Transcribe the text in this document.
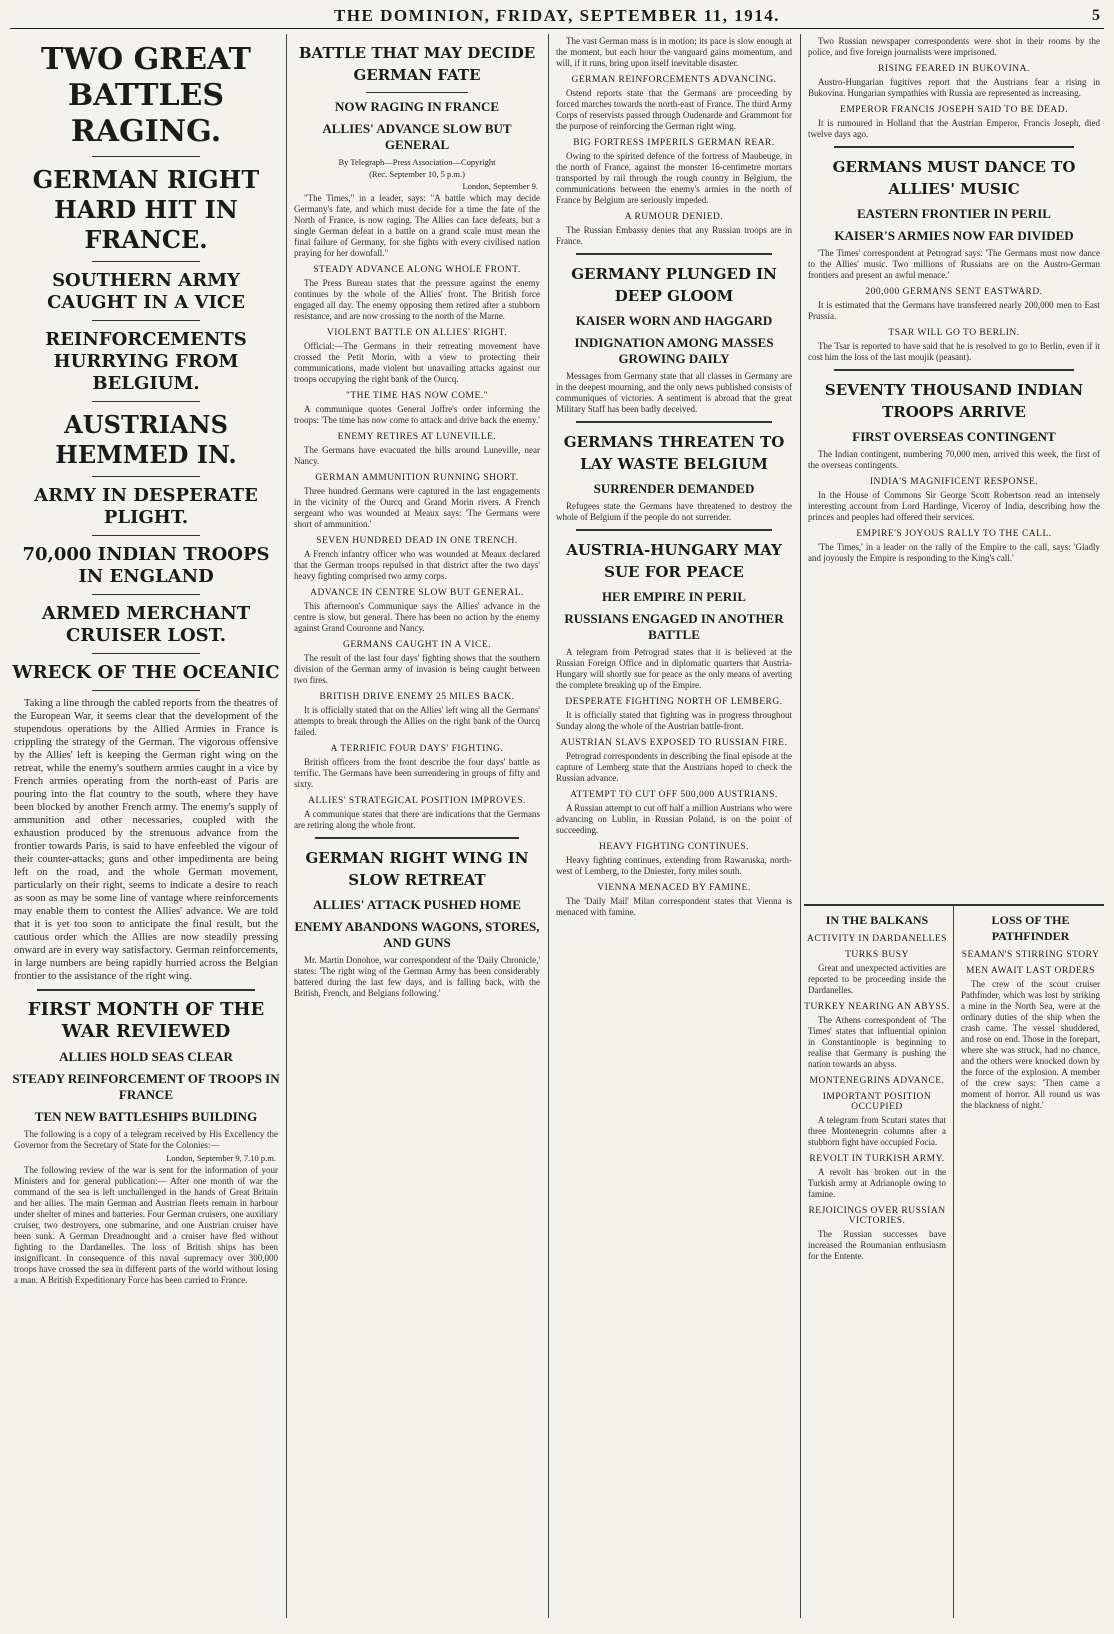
THE DOMINION, FRIDAY, SEPTEMBER 11, 1914.	5
TWO GREAT BATTLES RAGING.
GERMAN RIGHT HARD HIT IN FRANCE.
SOUTHERN ARMY CAUGHT IN A VICE
REINFORCEMENTS HURRYING FROM BELGIUM.
AUSTRIANS HEMMED IN.
ARMY IN DESPERATE PLIGHT.
70,000 INDIAN TROOPS IN ENGLAND
ARMED MERCHANT CRUISER LOST.
WRECK OF THE OCEANIC

Taking a line through the cabled reports from the theatres of the European War, it seems clear that the development of the stupendous operations by the Allied Armies in France is crippling the strategy of the German. The vigorous offensive by the Allies' left is keeping the German right wing on the retreat, while the enemy's southern armies caught in a vice by French armies operating from the north-east of Paris are pouring into the flat country to the south, where they have been blocked by another French army. The enemy's supply of ammunition and other necessaries, coupled with the exhaustion produced by the strenuous advance from the frontier towards Paris, is said to have enfeebled the vigour of their counter-attacks; guns and other impedimenta are being left on the road, and the whole German movement, particularly on their right, seems to indicate a desire to reach as soon as may be some line of vantage where reinforcements may enable them to contest the Allies' advance. We are told that it is yet too soon to anticipate the final result, but the cautious order which the Allies are now steadily pressing onward are in every way satisfactory. German reinforcements, in large numbers are being rapidly hurried across the Belgian frontier to the assistance of the right wing.

FIRST MONTH OF THE WAR REVIEWED
ALLIES HOLD SEAS CLEAR
STEADY REINFORCEMENT OF TROOPS IN FRANCE
TEN NEW BATTLESHIPS BUILDING

The following is a copy of a telegram received by His Excellency the Governor from the Secretary of State for the Colonies:—

London, September 9, 7.10 p.m.

The following review of the war is sent for the information of your Ministers and for general publication:— After one month of war the command of the sea is left unchallenged in the hands of Great Britain and her allies. The main German and Austrian fleets remain in harbour under shelter of mines and batteries. Four German cruisers, one auxiliary cruiser, two destroyers, one submarine, and one Austrian cruiser have been sunk. A German Dreadnought and a cruiser have fled without fighting to the Dardanelles. The loss of British ships has been insignificant. In consequence of this naval supremacy over 300,000 troops have crossed the sea in different parts of the world without losing a man. A British Expeditionary Force has been carried to France.

BATTLE THAT MAY DECIDE GERMAN FATE
NOW RAGING IN FRANCE
ALLIES' ADVANCE SLOW BUT GENERAL
By Telegraph—Press Association—Copyright
(Rec. September 10, 5 p.m.)
London, September 9.

"The Times," in a leader, says: "A battle which may decide Germany's fate, and which must decide for a time the fate of the North of France, is now raging. The Allies can face defeats, but a single German defeat in a battle on a grand scale must mean the final failure of Germany, for she fights with every civilised nation praying for her downfall."

STEADY ADVANCE ALONG WHOLE FRONT.

The Press Bureau states that the pressure against the enemy continues by the whole of the Allies' front. The British force engaged all day. The enemy opposing them retired after a stubborn resistance, and are now crossing to the north of the Marne.

VIOLENT BATTLE ON ALLIES' RIGHT.

Official:—The Germans in their retreating movement have crossed the Petit Morin, with a view to protecting their communications, made violent but unavailing attacks against our troops occupying the right bank of the Ourcq.

"THE TIME HAS NOW COME."

A communique quotes General Joffre's order informing the troops: 'The time has now come to attack and drive back the enemy.'

ENEMY RETIRES AT LUNEVILLE.

The Germans have evacuated the hills around Luneville, near Nancy.

GERMAN AMMUNITION RUNNING SHORT.

Three hundred Germans were captured in the last engagements in the vicinity of the Ourcq and Grand Morin rivers. A French sergeant who was wounded at Meaux says: 'The Germans were short of ammunition.'

SEVEN HUNDRED DEAD IN ONE TRENCH.

A French infantry officer who was wounded at Meaux declared that the German troops repulsed in that district after the two days' heavy fighting comprised two army corps.

ADVANCE IN CENTRE SLOW BUT GENERAL.

This afternoon's Communique says the Allies' advance in the centre is slow, but general. There has been no action by the enemy against Grand Couronne and Nancy.

GERMANS CAUGHT IN A VICE.

The result of the last four days' fighting shows that the southern division of the German army of invasion is being caught between two fires.

BRITISH DRIVE ENEMY 25 MILES BACK.

It is officially stated that on the Allies' left wing all the Germans' attempts to break through the Allies on the right bank of the Ourcq failed.

A TERRIFIC FOUR DAYS' FIGHTING.

British officers from the front describe the four days' battle as terrific. The Germans have been surrendering in groups of fifty and sixty.

ALLIES' STRATEGICAL POSITION IMPROVES.

A communique states that there are indications that the Germans are retiring along the whole front.

GERMAN RIGHT WING IN SLOW RETREAT
ALLIES' ATTACK PUSHED HOME
ENEMY ABANDONS WAGONS, STORES, AND GUNS

Mr. Martin Donohoe, war correspondent of the 'Daily Chronicle,' states: 'The right wing of the German Army has been considerably battered during the last few days, and is falling back, with the British, French, and Belgians following.'

The vast German mass is in motion; its pace is slow enough at the moment, but each hour the vanguard gains momentum, and will, if it runs, bring upon itself inevitable disaster.

GERMAN REINFORCEMENTS ADVANCING.

Ostend reports state that the Germans are proceeding by forced marches towards the north-east of France. The third Army Corps of reservists passed through Oudenarde and Grammont for the purpose of reinforcing the German right wing.

BIG FORTRESS IMPERILS GERMAN REAR.

Owing to the spirited defence of the fortress of Maubeuge, in the north of France, against the monster 16-centimetre mortars transported by rail through the rough country in Belgium, the communications between the enemy's armies in the north of France by Belgium are seriously impeded.

A RUMOUR DENIED.

The Russian Embassy denies that any Russian troops are in France.

GERMANY PLUNGED IN DEEP GLOOM
KAISER WORN AND HAGGARD
INDIGNATION AMONG MASSES GROWING DAILY

Messages from Germany state that all classes in Germany are in the deepest mourning, and the only news published consists of communiques of victories. A sentiment is abroad that the great Military Staff has been badly deceived.

GERMANS THREATEN TO LAY WASTE BELGIUM
SURRENDER DEMANDED

Refugees state the Germans have threatened to destroy the whole of Belgium if the people do not surrender.

AUSTRIA-HUNGARY MAY SUE FOR PEACE
HER EMPIRE IN PERIL
RUSSIANS ENGAGED IN ANOTHER BATTLE

A telegram from Petrograd states that it is believed at the Russian Foreign Office and in diplomatic quarters that Austria-Hungary will shortly sue for peace as the only means of averting the complete breaking up of the Empire.

DESPERATE FIGHTING NORTH OF LEMBERG.

It is officially stated that fighting was in progress throughout Sunday along the whole of the Austrian battle-front.

AUSTRIAN SLAVS EXPOSED TO RUSSIAN FIRE.

Petrograd correspondents in describing the final episode at the capture of Lemberg state that the Austrians hoped to check the Russian advance.

ATTEMPT TO CUT OFF 500,000 AUSTRIANS.

A Russian attempt to cut off half a million Austrians who were advancing on Lublin, in Russian Poland, is on the point of succeeding.

HEAVY FIGHTING CONTINUES.

Heavy fighting continues, extending from Rawaruska, north-west of Lemberg, to the Dniester, forty miles south.

VIENNA MENACED BY FAMINE.

The 'Daily Mail' Milan correspondent states that Vienna is menaced with famine.

Two Russian newspaper correspondents were shot in their rooms by the police, and five foreign journalists were imprisoned.

RISING FEARED IN BUKOVINA.

Austro-Hungarian fugitives report that the Austrians fear a rising in Bukovina. Hungarian sympathies with Russia are represented as increasing.

EMPEROR FRANCIS JOSEPH SAID TO BE DEAD.

It is rumoured in Holland that the Austrian Emperor, Francis Joseph, died twelve days ago.

GERMANS MUST DANCE TO ALLIES' MUSIC
EASTERN FRONTIER IN PERIL
KAISER'S ARMIES NOW FAR DIVIDED

'The Times' correspondent at Petrograd says: 'The Germans must now dance to the Allies' music. Two millions of Russians are on the Austro-German frontiers and present an awful menace.'

200,000 GERMANS SENT EASTWARD.

It is estimated that the Germans have transferred nearly 200,000 men to East Prussia.

TSAR WILL GO TO BERLIN.

The Tsar is reported to have said that he is resolved to go to Berlin, even if it cost him the loss of the last moujik (peasant).

SEVENTY THOUSAND INDIAN TROOPS ARRIVE
FIRST OVERSEAS CONTINGENT

The Indian contingent, numbering 70,000 men, arrived this week, the first of the overseas contingents.

INDIA'S MAGNIFICENT RESPONSE.

In the House of Commons Sir George Scott Robertson read an intensely interesting account from Lord Hardinge, Viceroy of India, describing how the princes and peoples had offered their services.

EMPIRE'S JOYOUS RALLY TO THE CALL.

'The Times,' in a leader on the rally of the Empire to the call, says: 'Gladly and joyously the Empire is responding to the King's call.'

IN THE BALKANS
ACTIVITY IN DARDANELLES
TURKS BUSY

Great and unexpected activities are reported to be proceeding inside the Dardanelles.

TURKEY NEARING AN ABYSS.

The Athens correspondent of 'The Times' states that influential opinion in Constantinople is beginning to realise that Germany is pushing the nation towards an abyss.

MONTENEGRINS ADVANCE.
IMPORTANT POSITION OCCUPIED

A telegram from Scutari states that three Montenegrin columns after a stubborn fight have occupied Focia.

REVOLT IN TURKISH ARMY.

A revolt has broken out in the Turkish army at Adrianople owing to famine.

REJOICINGS OVER RUSSIAN VICTORIES.

The Russian successes have increased the Roumanian enthusiasm for the Entente.

LOSS OF THE PATHFINDER
SEAMAN'S STIRRING STORY
MEN AWAIT LAST ORDERS

The crew of the scout cruiser Pathfinder, which was lost by striking a mine in the North Sea, were at the ordinary duties of the ship when the crash came. The vessel shuddered, and rose on end. Those in the forepart, where she was struck, had no chance, and the others were knocked down by the force of the explosion. A member of the crew says: 'Then came a moment of horror. All round us was the blackness of night.'
